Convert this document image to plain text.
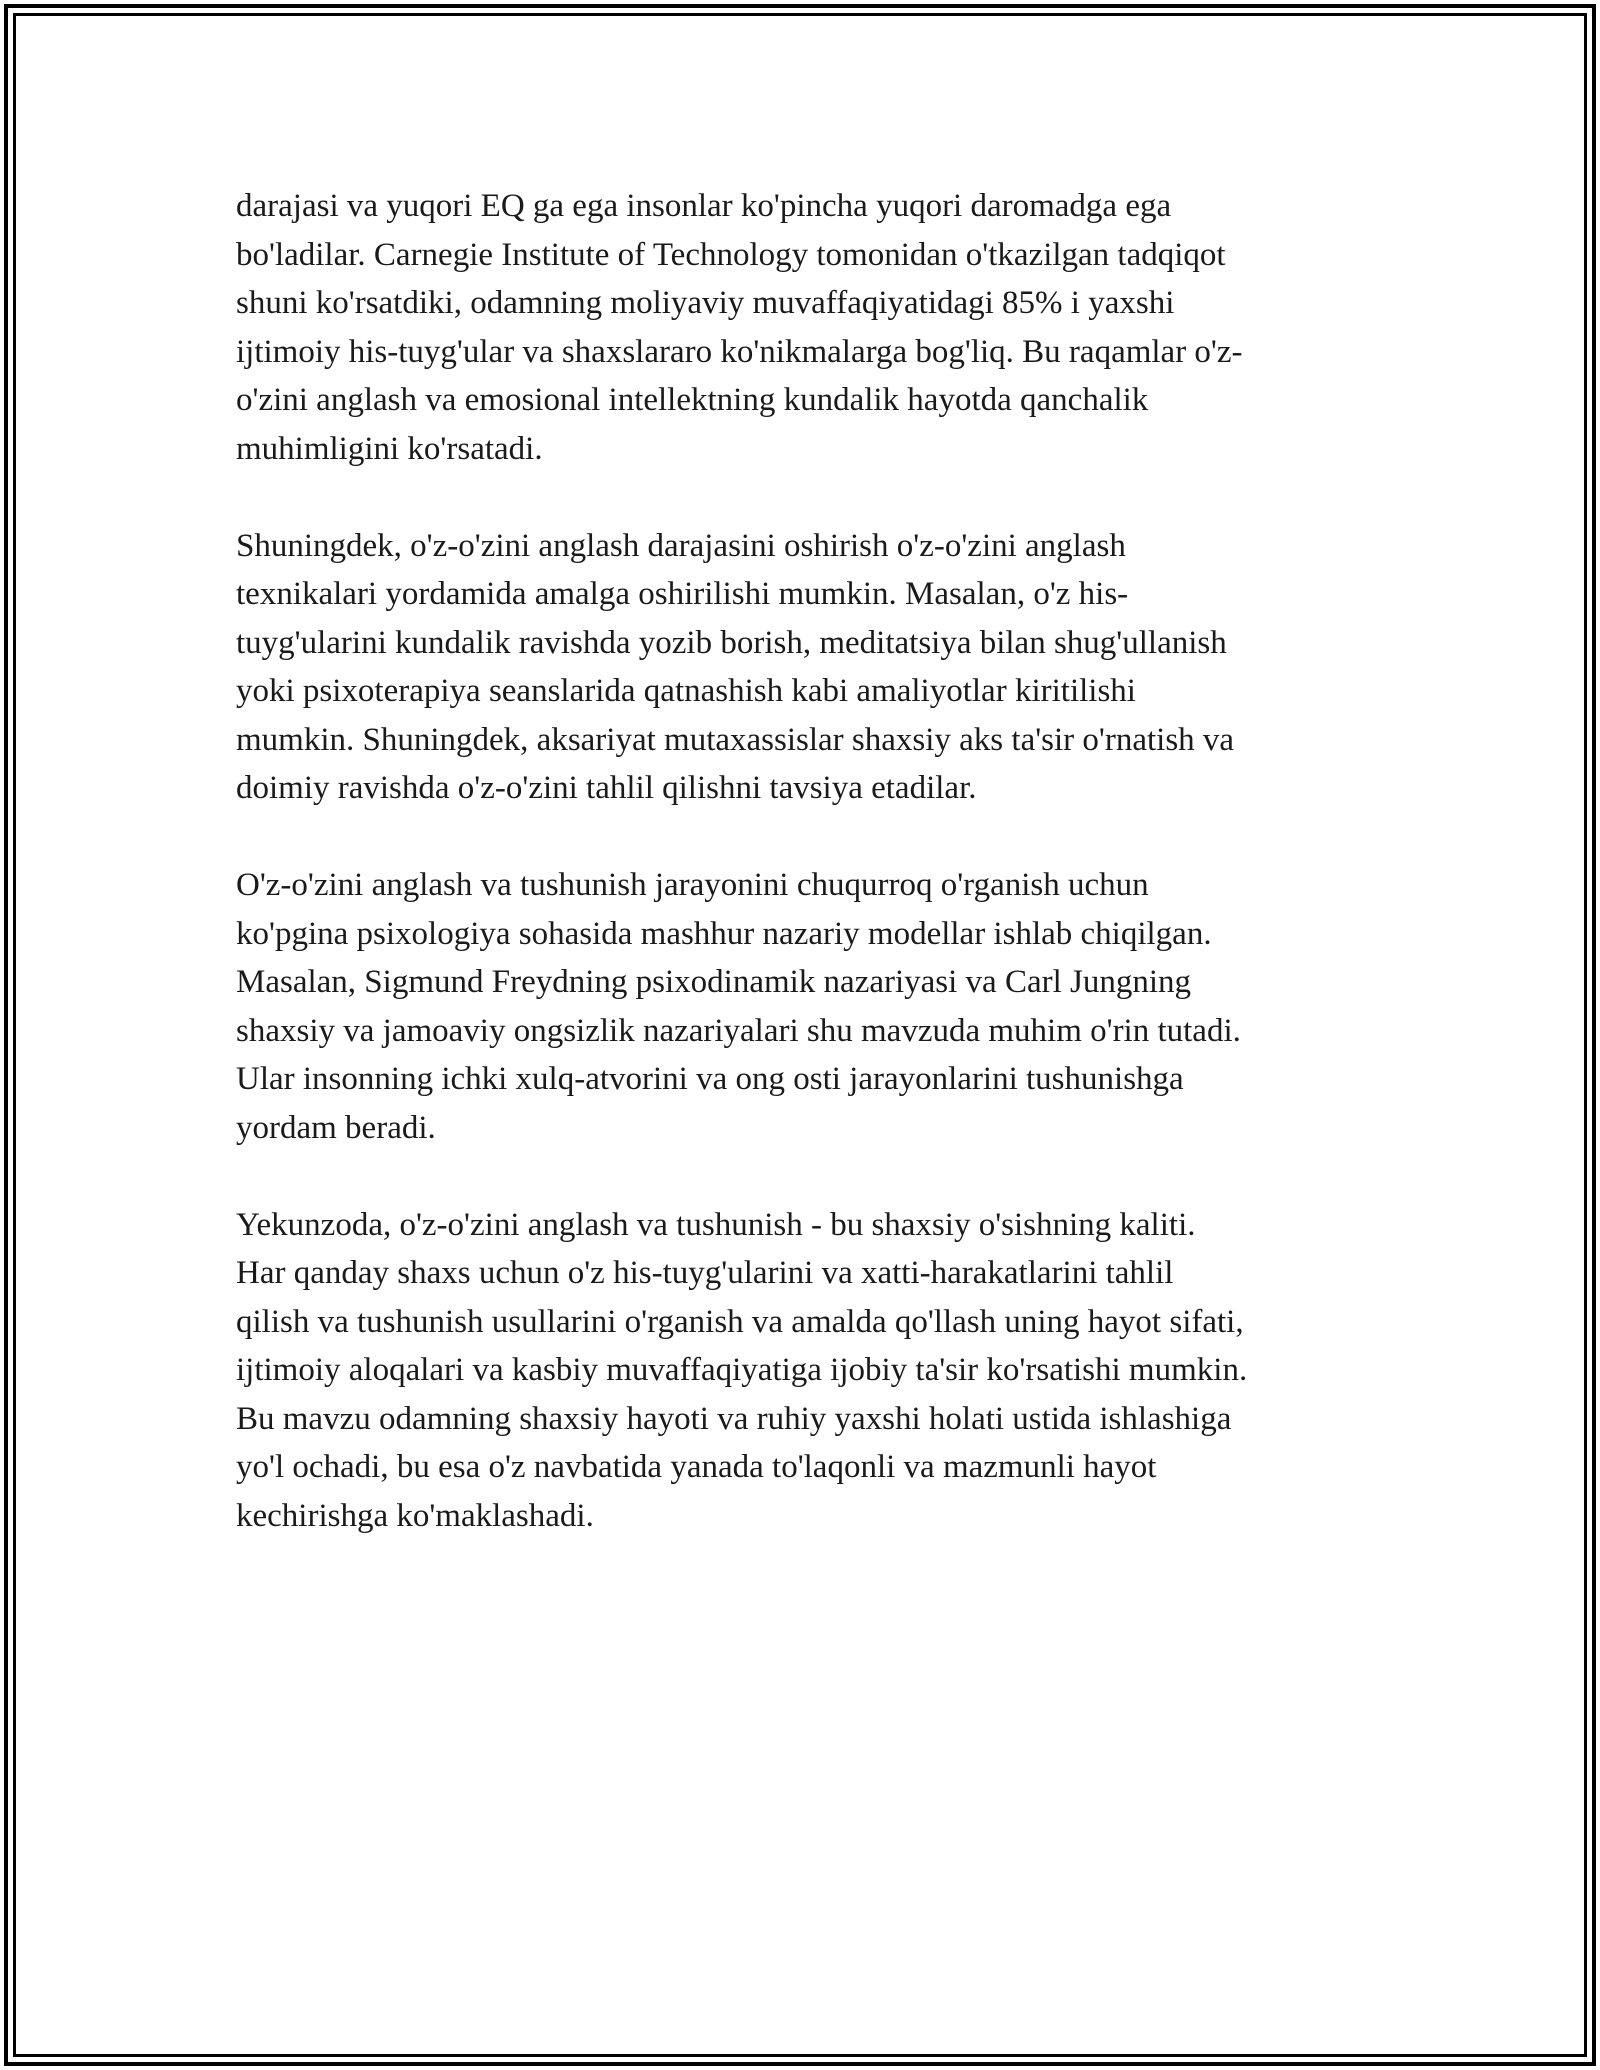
darajasi va yuqori EQ ga ega insonlar ko'pincha yuqori daromadga ega
bo'ladilar. Carnegie Institute of Technology tomonidan o'tkazilgan tadqiqot
shuni ko'rsatdiki, odamning moliyaviy muvaffaqiyatidagi 85% i yaxshi
ijtimoiy his-tuyg'ular va shaxslararo ko'nikmalarga bog'liq. Bu raqamlar o'z-
o'zini anglash va emosional intellektning kundalik hayotda qanchalik
muhimligini ko'rsatadi.

Shuningdek, o'z-o'zini anglash darajasini oshirish o'z-o'zini anglash
texnikalari yordamida amalga oshirilishi mumkin. Masalan, o'z his-
tuyg'ularini kundalik ravishda yozib borish, meditatsiya bilan shug'ullanish
yoki psixoterapiya seanslarida qatnashish kabi amaliyotlar kiritilishi
mumkin. Shuningdek, aksariyat mutaxassislar shaxsiy aks ta'sir o'rnatish va
doimiy ravishda o'z-o'zini tahlil qilishni tavsiya etadilar.

O'z-o'zini anglash va tushunish jarayonini chuqurroq o'rganish uchun
ko'pgina psixologiya sohasida mashhur nazariy modellar ishlab chiqilgan.
Masalan, Sigmund Freydning psixodinamik nazariyasi va Carl Jungning
shaxsiy va jamoaviy ongsizlik nazariyalari shu mavzuda muhim o'rin tutadi.
Ular insonning ichki xulq-atvorini va ong osti jarayonlarini tushunishga
yordam beradi.

Yekunzoda, o'z-o'zini anglash va tushunish - bu shaxsiy o'sishning kaliti.
Har qanday shaxs uchun o'z his-tuyg'ularini va xatti-harakatlarini tahlil
qilish va tushunish usullarini o'rganish va amalda qo'llash uning hayot sifati,
ijtimoiy aloqalari va kasbiy muvaffaqiyatiga ijobiy ta'sir ko'rsatishi mumkin.
Bu mavzu odamning shaxsiy hayoti va ruhiy yaxshi holati ustida ishlashiga
yo'l ochadi, bu esa o'z navbatida yanada to'laqonli va mazmunli hayot
kechirishga ko'maklashadi.
